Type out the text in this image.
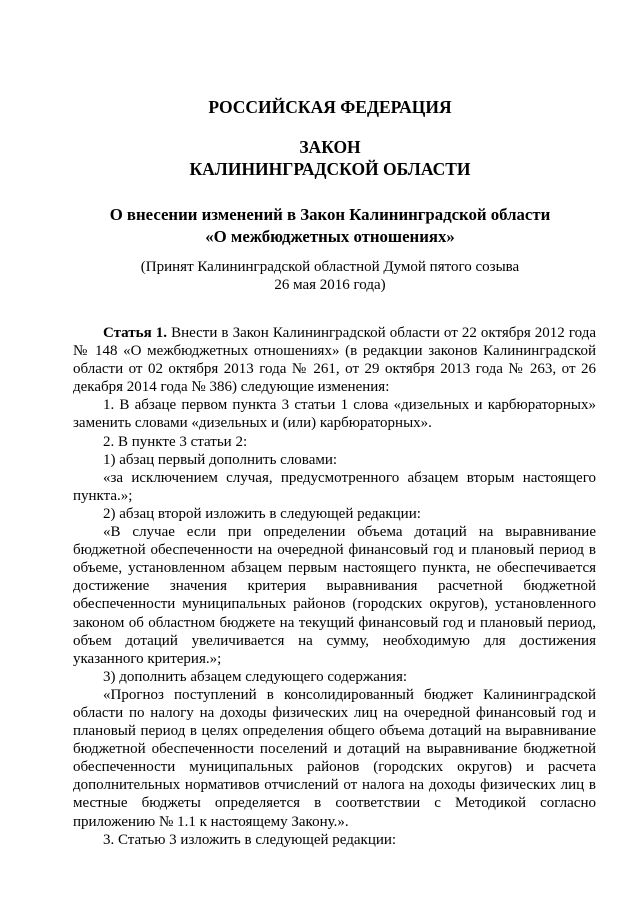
РОССИЙСКАЯ ФЕДЕРАЦИЯ
ЗАКОН
КАЛИНИНГРАДСКОЙ ОБЛАСТИ
О внесении изменений в Закон Калининградской области
«О межбюджетных отношениях»
(Принят Калининградской областной Думой пятого созыва
26 мая 2016 года)

Статья 1. Внести в Закон Калининградской области от 22 октября 2012 года № 148 «О межбюджетных отношениях» (в редакции законов Калининградской области от 02 октября 2013 года № 261, от 29 октября 2013 года № 263, от 26 декабря 2014 года № 386) следующие изменения:

1. В абзаце первом пункта 3 статьи 1 слова «дизельных и карбюраторных» заменить словами «дизельных и (или) карбюраторных».

2. В пункте 3 статьи 2:

1) абзац первый дополнить словами:

«за исключением случая, предусмотренного абзацем вторым настоящего пункта.»;

2) абзац второй изложить в следующей редакции:

«В случае если при определении объема дотаций на выравнивание бюджетной обеспеченности на очередной финансовый год и плановый период в объеме, установленном абзацем первым настоящего пункта, не обеспечивается достижение значения критерия выравнивания расчетной бюджетной обеспеченности муниципальных районов (городских округов), установленного законом об областном бюджете на текущий финансовый год и плановый период, объем дотаций увеличивается на сумму, необходимую для достижения указанного критерия.»;

3) дополнить абзацем следующего содержания:

«Прогноз поступлений в консолидированный бюджет Калининградской области по налогу на доходы физических лиц на очередной финансовый год и плановый период в целях определения общего объема дотаций на выравнивание бюджетной обеспеченности поселений и дотаций на выравнивание бюджетной обеспеченности муниципальных районов (городских округов) и расчета дополнительных нормативов отчислений от налога на доходы физических лиц в местные бюджеты определяется в соответствии с Методикой согласно приложению № 1.1 к настоящему Закону.».

3. Статью 3 изложить в следующей редакции:
